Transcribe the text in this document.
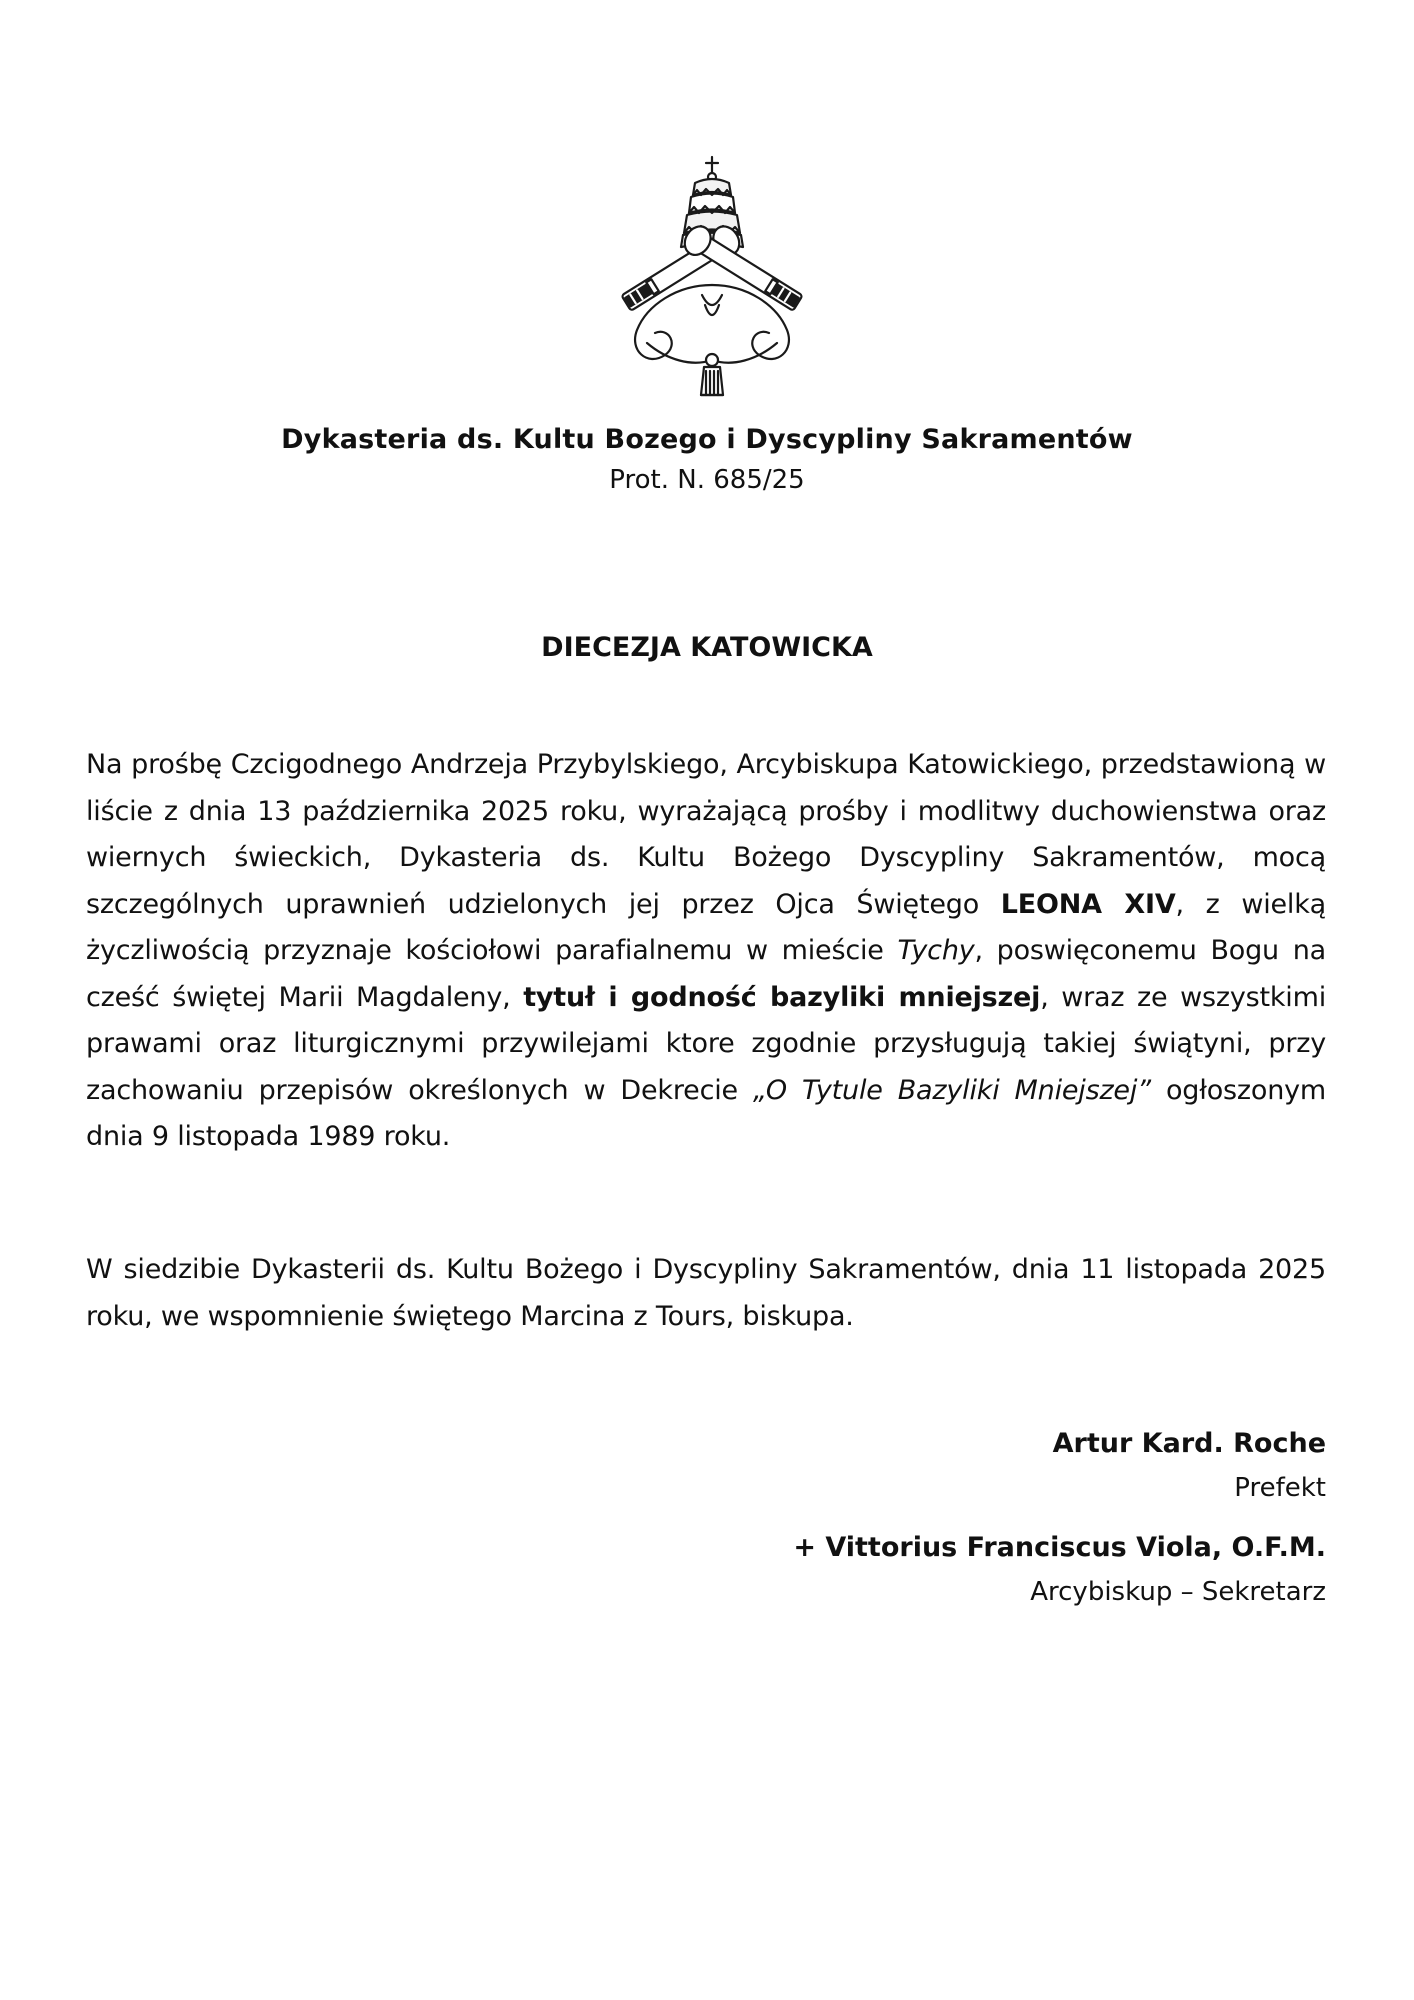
Dykasteria ds. Kultu Bozego i Dyscypliny Sakramentów
Prot. N. 685/25
DIECEZJA KATOWICKA
Na prośbę Czcigodnego Andrzeja Przybylskiego, Arcybiskupa Katowickiego, przedstawioną w liście z dnia 13 października 2025 roku, wyrażającą prośby i modlitwy duchowienstwa oraz wiernych świeckich, Dykasteria ds. Kultu Bożego Dyscypliny Sakramentów, mocą szczególnych uprawnień udzielonych jej przez Ojca Świętego LEONA XIV, z wielką życzliwością przyznaje kościołowi parafialnemu w mieście Tychy, poswięconemu Bogu na cześć świętej Marii Magdaleny, tytuł i godność bazyliki mniejszej, wraz ze wszystkimi prawami oraz liturgicznymi przywilejami ktore zgodnie przysługują takiej świątyni, przy zachowaniu przepisów określonych w Dekrecie „O Tytule Bazyliki Mniejszej” ogłoszonym dnia 9 listopada 1989 roku.
W siedzibie Dykasterii ds. Kultu Bożego i Dyscypliny Sakramentów, dnia 11 listopada 2025 roku, we wspomnienie świętego Marcina z Tours, biskupa.
Artur Kard. Roche
Prefekt
+ Vittorius Franciscus Viola, O.F.M.
Arcybiskup – Sekretarz
